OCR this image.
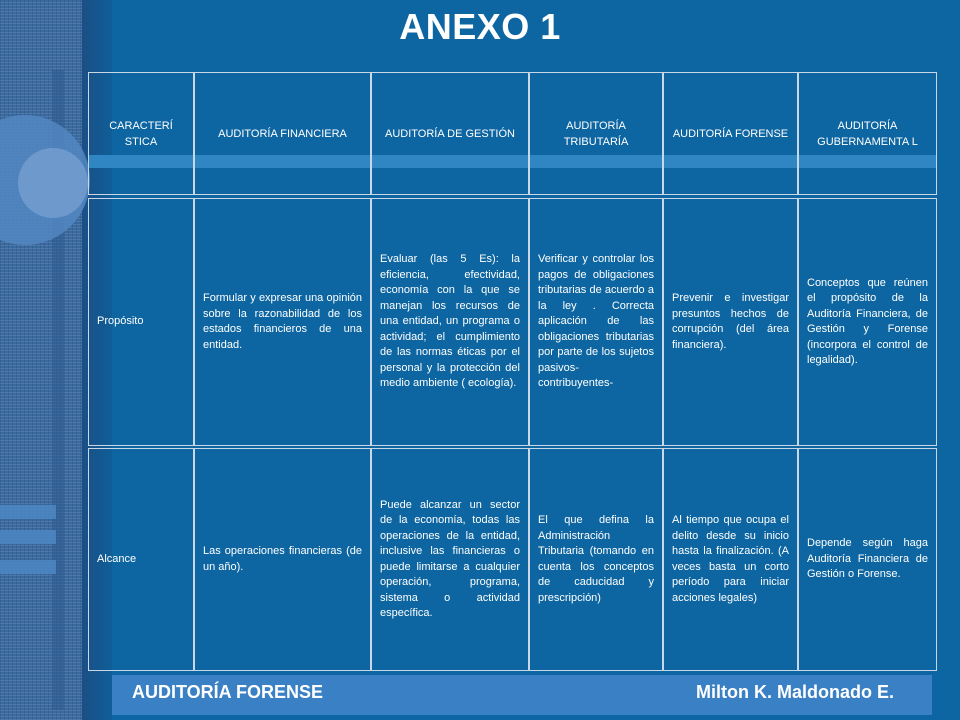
ANEXO 1
CARACTERÍ STICA
AUDITORÍA FINANCIERA	AUDITORÍA DE GESTIÓN
AUDITORÍA TRIBUTARÍA
AUDITORÍA FORENSE
AUDITORÍA GUBERNAMENTA L
Propósito
Formular y expresar una opinión sobre la razonabilidad de los estados financieros de una entidad.
Evaluar (las 5 Es): la eficiencia, efectividad, economía con la que se manejan los recursos de una entidad, un programa o actividad; el cumplimiento de las normas éticas por el personal y la protección del medio ambiente ( ecología).
Verificar y controlar los pagos de obligaciones tributarias de acuerdo a la ley . Correcta aplicación de las obligaciones tributarias por parte de los sujetos pasivos- contribuyentes-
Prevenir e investigar presuntos hechos de corrupción (del área financiera).
Conceptos que reúnen el propósito de la Auditoría Financiera, de Gestión y Forense (incorpora el control de legalidad).
Alcance
Las operaciones financieras (de un año).
Puede alcanzar un sector de la economía, todas las operaciones de la entidad, inclusive las financieras o puede limitarse a cualquier operación, programa, sistema o actividad específica.
El que defina la Administración Tributaria (tomando en cuenta los conceptos de caducidad y prescripción)
Al tiempo que ocupa el delito desde su inicio hasta la finalización. (A veces basta un corto período para iniciar acciones legales)
Depende según haga Auditoría Financiera de Gestión o Forense.
AUDITORÍA FORENSE	Milton K. Maldonado E.
